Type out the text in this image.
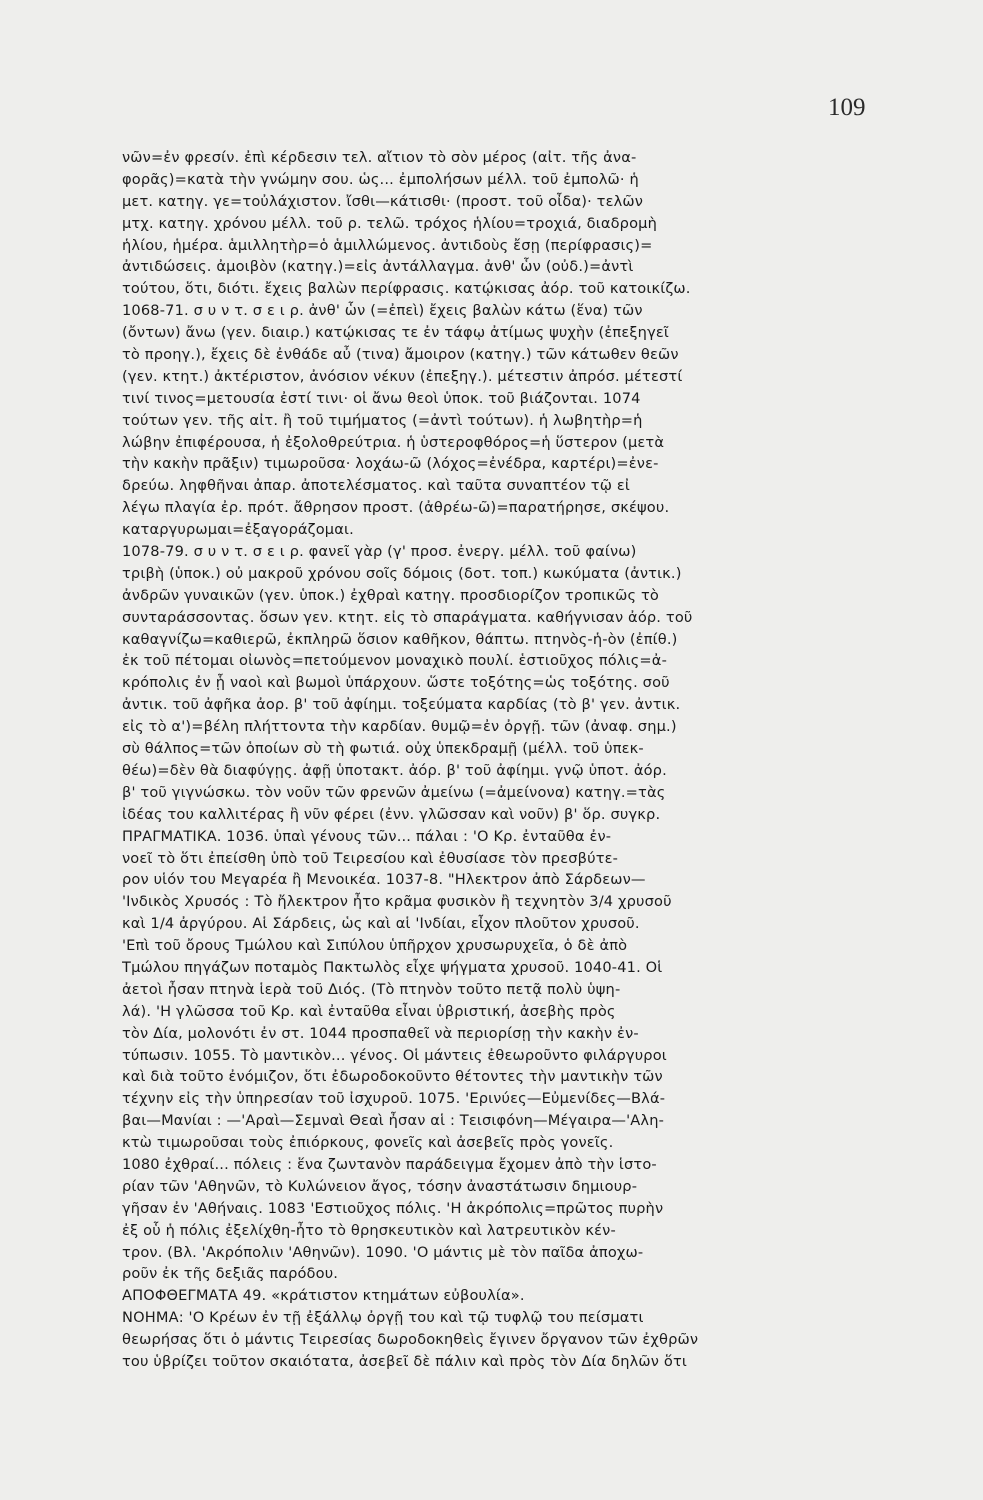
109
νῶν=ἐν φρεσίν. ἐπὶ κέρδεσιν τελ. αἴτιον τὸ σὸν μέρος (αἰτ. τῆς ἀνα-
φορᾶς)=κατὰ τὴν γνώμην σου. ὡς... ἐμπολήσων μέλλ. τοῦ ἐμπολῶ· ἡ
μετ. κατηγ. γε=τοὐλάχιστον. ἴσθι—κάτισθι· (προστ. τοῦ οἶδα)· τελῶν
μτχ. κατηγ. χρόνου μέλλ. τοῦ ρ. τελῶ. τρόχος ἡλίου=τροχιά, διαδρομὴ
ἡλίου, ἡμέρα. ἁμιλλητὴρ=ὁ ἁμιλλώμενος. ἀντιδοὺς ἔσῃ (περίφρασις)=
ἀντιδώσεις. ἀμοιβὸν (κατηγ.)=εἰς ἀντάλλαγμα. ἀνθ' ὧν (οὐδ.)=ἀντὶ
τούτου, ὅτι, διότι. ἔχεις βαλὼν περίφρασις. κατῴκισας ἀόρ. τοῦ κατοικίζω.
1068-71. σ υ ν τ. σ ε ι ρ. ἀνθ' ὧν (=ἐπεὶ) ἔχεις βαλὼν κάτω (ἕνα) τῶν
(ὄντων) ἄνω (γεν. διαιρ.) κατῴκισας τε ἐν τάφῳ ἀτίμως ψυχὴν (ἐπεξηγεῖ
τὸ προηγ.), ἔχεις δὲ ἐνθάδε αὖ (τινα) ἄμοιρον (κατηγ.) τῶν κάτωθεν θεῶν
(γεν. κτητ.) ἀκτέριστον, ἀνόσιον νέκυν (ἐπεξηγ.). μέτεστιν ἀπρόσ. μέτεστί
τινί τινος=μετουσία ἐστί τινι· οἱ ἄνω θεοὶ ὑποκ. τοῦ βιάζονται. 1074
τούτων γεν. τῆς αἰτ. ἢ τοῦ τιμήματος (=ἀντὶ τούτων). ἡ λωβητὴρ=ἡ
λώβην ἐπιφέρουσα, ἡ ἐξολοθρεύτρια. ἡ ὑστεροφθόρος=ἡ ὕστερον (μετὰ
τὴν κακὴν πρᾶξιν) τιμωροῦσα· λοχάω-ῶ (λόχος=ἐνέδρα, καρτέρι)=ἐνε-
δρεύω. ληφθῆναι ἀπαρ. ἀποτελέσματος. καὶ ταῦτα συναπτέον τῷ εἰ
λέγω πλαγία ἐρ. πρότ. ἄθρησον προστ. (ἀθρέω-ῶ)=παρατήρησε, σκέψου.
καταργυρωμαι=ἐξαγοράζομαι.
1078-79. σ υ ν τ. σ ε ι ρ. φανεῖ γὰρ (γ' προσ. ἐνεργ. μέλλ. τοῦ φαίνω)
τριβὴ (ὑποκ.) οὐ μακροῦ χρόνου σοῖς δόμοις (δοτ. τοπ.) κωκύματα (ἀντικ.)
ἀνδρῶν γυναικῶν (γεν. ὑποκ.) ἐχθραὶ κατηγ. προσδιορίζον τροπικῶς τὸ
συνταράσσοντας. ὅσων γεν. κτητ. εἰς τὸ σπαράγματα. καθήγνισαν ἀόρ. τοῦ
καθαγνίζω=καθιερῶ, ἐκπληρῶ ὅσιον καθῆκον, θάπτω. πτηνὸς-ἡ-ὸν (ἐπίθ.)
ἐκ τοῦ πέτομαι οἰωνὸς=πετούμενον μοναχικὸ πουλί. ἑστιοῦχος πόλις=ἀ-
κρόπολις ἐν ᾗ ναοὶ καὶ βωμοὶ ὑπάρχουν. ὥστε τοξότης=ὡς τοξότης. σοῦ
ἀντικ. τοῦ ἀφῆκα ἀορ. β' τοῦ ἀφίημι. τοξεύματα καρδίας (τὸ β' γεν. ἀντικ.
εἰς τὸ α')=βέλη πλήττοντα τὴν καρδίαν. θυμῷ=ἐν ὀργῇ. τῶν (ἀναφ. σημ.)
σὺ θάλπος=τῶν ὁποίων σὺ τὴ φωτιά. οὐχ ὑπεκδραμῇ (μέλλ. τοῦ ὑπεκ-
θέω)=δὲν θὰ διαφύγῃς. ἀφῇ ὑποτακτ. ἀόρ. β' τοῦ ἀφίημι. γνῷ ὑποτ. ἀόρ.
β' τοῦ γιγνώσκω. τὸν νοῦν τῶν φρενῶν ἀμείνω (=ἀμείνονα) κατηγ.=τὰς
ἰδέας του καλλιτέρας ἢ νῦν φέρει (ἐνν. γλῶσσαν καὶ νοῦν) β' ὅρ. συγκρ.
ΠΡΑΓΜΑΤΙΚΑ. 1036. ὑπαὶ γένους τῶν... πάλαι : 'Ο Κρ. ἐνταῦθα ἐν-
νοεῖ τὸ ὅτι ἐπείσθη ὑπὸ τοῦ Τειρεσίου καὶ ἐθυσίασε τὸν πρεσβύτε-
ρον υἱόν του Μεγαρέα ἢ Μενοικέα. 1037-8. "Ηλεκτρον ἀπὸ Σάρδεων—
'Ινδικὸς Χρυσός : Τὸ ἤλεκτρον ἦτο κρᾶμα φυσικὸν ἢ τεχνητὸν 3/4 χρυσοῦ
καὶ 1/4 ἀργύρου. Αἱ Σάρδεις, ὡς καὶ αἱ 'Ινδίαι, εἶχον πλοῦτον χρυσοῦ.
'Επὶ τοῦ ὄρους Τμώλου καὶ Σιπύλου ὑπῆρχον χρυσωρυχεῖα, ὁ δὲ ἀπὸ
Τμώλου πηγάζων ποταμὸς Πακτωλὸς εἶχε ψήγματα χρυσοῦ. 1040-41. Οἱ
ἀετοὶ ἦσαν πτηνὰ ἱερὰ τοῦ Διός. (Τὸ πτηνὸν τοῦτο πετᾷ πολὺ ὑψη-
λά). 'Η γλῶσσα τοῦ Κρ. καὶ ἐνταῦθα εἶναι ὑβριστική, ἀσεβὴς πρὸς
τὸν Δία, μολονότι ἐν στ. 1044 προσπαθεῖ νὰ περιορίσῃ τὴν κακὴν ἐν-
τύπωσιν. 1055. Τὸ μαντικὸν... γένος. Οἱ μάντεις ἐθεωροῦντο φιλάργυροι
καὶ διὰ τοῦτο ἐνόμιζον, ὅτι ἐδωροδοκοῦντο θέτοντες τὴν μαντικὴν τῶν
τέχνην εἰς τὴν ὑπηρεσίαν τοῦ ἰσχυροῦ. 1075. 'Ερινύες—Εὐμενίδες—Βλά-
βαι—Μανίαι : —'Αραὶ—Σεμναὶ Θεαὶ ἦσαν αἱ : Τεισιφόνη—Μέγαιρα—'Αλη-
κτὼ τιμωροῦσαι τοὺς ἐπιόρκους, φονεῖς καὶ ἀσεβεῖς πρὸς γονεῖς.
1080 ἐχθραί... πόλεις : ἕνα ζωντανὸν παράδειγμα ἔχομεν ἀπὸ τὴν ἱστο-
ρίαν τῶν 'Αθηνῶν, τὸ Κυλώνειον ἄγος, τόσην ἀναστάτωσιν δημιουρ-
γῆσαν ἐν 'Αθήναις. 1083 'Εστιοῦχος πόλις. 'Η ἀκρόπολις=πρῶτος πυρὴν
ἐξ οὗ ἡ πόλις ἐξελίχθη-ἦτο τὸ θρησκευτικὸν καὶ λατρευτικὸν κέν-
τρον. (Βλ. 'Ακρόπολιν 'Αθηνῶν). 1090. 'Ο μάντις μὲ τὸν παῖδα ἀποχω-
ροῦν ἐκ τῆς δεξιᾶς παρόδου.
ΑΠΟΦΘΕΓΜΑΤΑ 49. «κράτιστον κτημάτων εὐβουλία».
ΝΟΗΜΑ: 'Ο Κρέων ἐν τῇ ἐξάλλῳ ὀργῇ του καὶ τῷ τυφλῷ του πείσματι
θεωρήσας ὅτι ὁ μάντις Τειρεσίας δωροδοκηθεὶς ἔγινεν ὄργανον τῶν ἐχθρῶν
του ὑβρίζει τοῦτον σκαιότατα, ἀσεβεῖ δὲ πάλιν καὶ πρὸς τὸν Δία δηλῶν ὅτι
